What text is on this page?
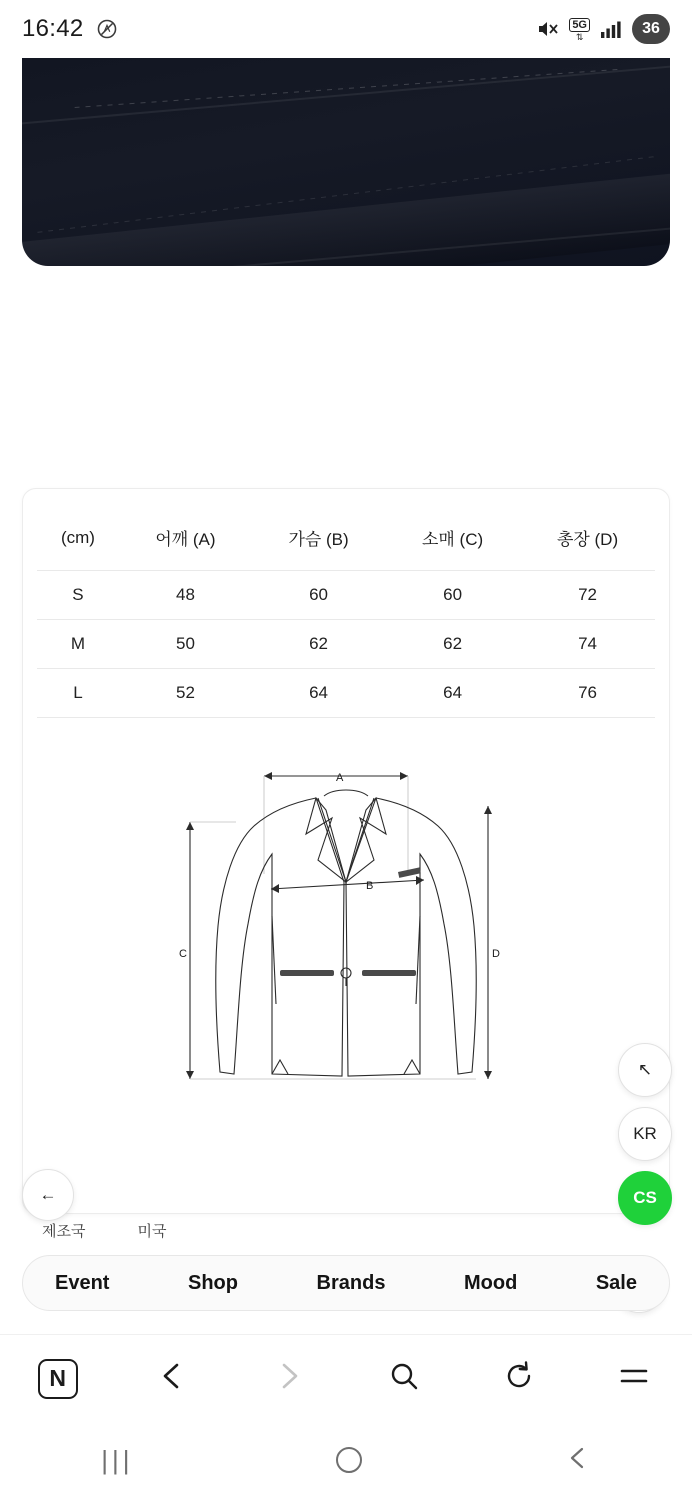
16:42	5G
⇅	36
(cm)	어깨 (A)	가슴 (B)	소매 (C)	총장 (D)
S	48	60	60	72
M	50	62	62	74
L	52	64	64	76
A
B
C	D
제조국	미국
↖
KR
CS
←
Event	Shop	Brands	Mood	Sale
N
|||
